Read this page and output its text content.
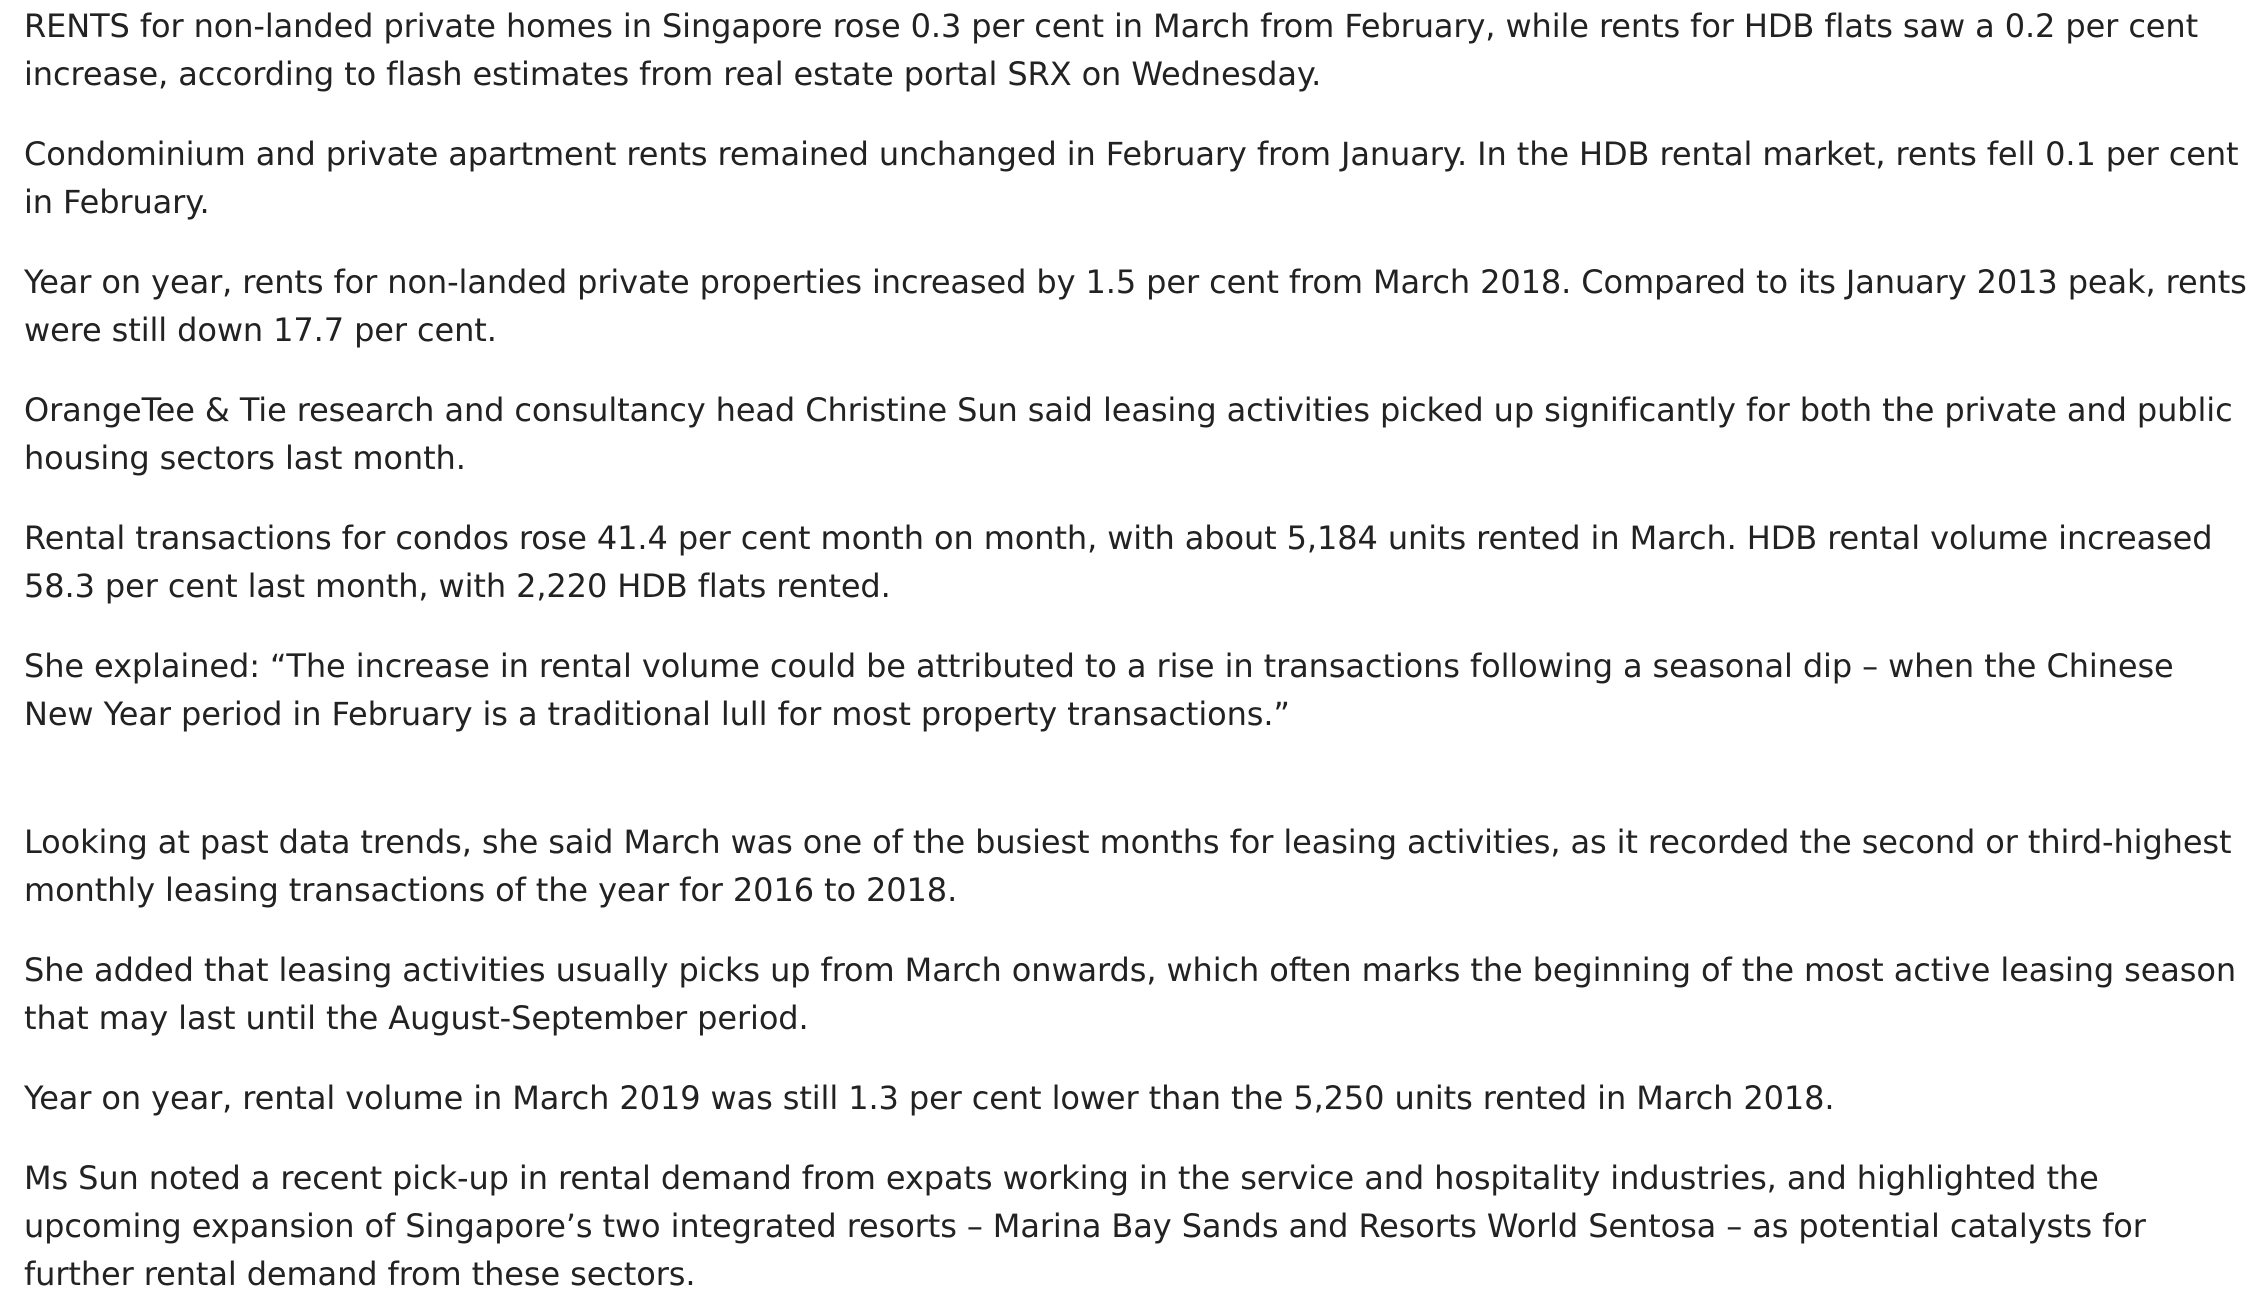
RENTS for non-landed private homes in Singapore rose 0.3 per cent in March from February, while rents for HDB flats saw a 0.2 per cent increase, according to flash estimates from real estate portal SRX on Wednesday.

Condominium and private apartment rents remained unchanged in February from January. In the HDB rental market, rents fell 0.1 per cent in February.

Year on year, rents for non-landed private properties increased by 1.5 per cent from March 2018. Compared to its January 2013 peak, rents were still down 17.7 per cent.

OrangeTee & Tie research and consultancy head Christine Sun said leasing activities picked up significantly for both the private and public housing sectors last month.

Rental transactions for condos rose 41.4 per cent month on month, with about 5,184 units rented in March. HDB rental volume increased 58.3 per cent last month, with 2,220 HDB flats rented.

She explained: “The increase in rental volume could be attributed to a rise in transactions following a seasonal dip – when the Chinese New Year period in February is a traditional lull for most property transactions.”

Looking at past data trends, she said March was one of the busiest months for leasing activities, as it recorded the second or third-highest monthly leasing transactions of the year for 2016 to 2018.

She added that leasing activities usually picks up from March onwards, which often marks the beginning of the most active leasing season that may last until the August-September period.

Year on year, rental volume in March 2019 was still 1.3 per cent lower than the 5,250 units rented in March 2018.

Ms Sun noted a recent pick-up in rental demand from expats working in the service and hospitality industries, and highlighted the upcoming expansion of Singapore’s two integrated resorts – Marina Bay Sands and Resorts World Sentosa – as potential catalysts for further rental demand from these sectors.
